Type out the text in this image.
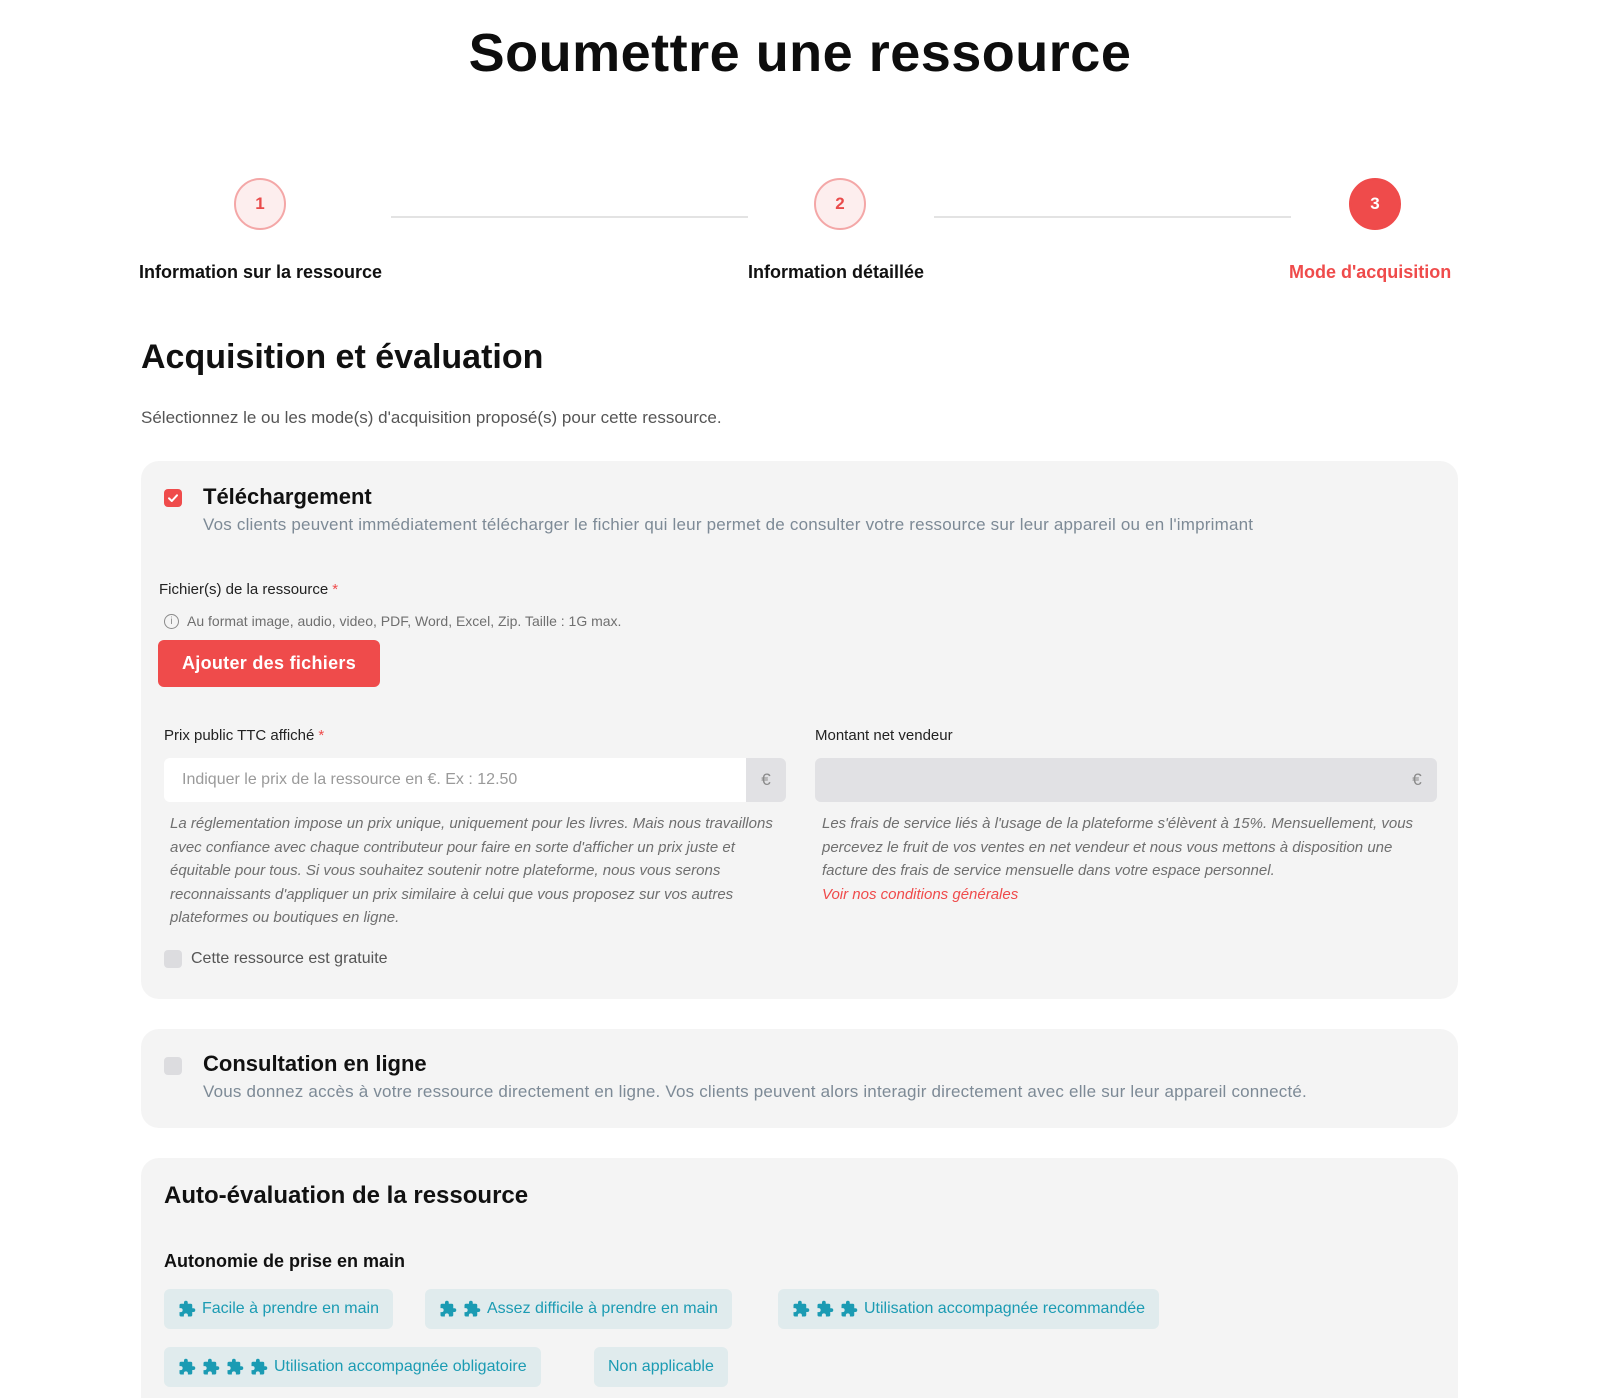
Soumettre une ressource
1
Information sur la ressource
2
Information détaillée
3
Mode d'acquisition
Acquisition et évaluation

Sélectionnez le ou les mode(s) d'acquisition proposé(s) pour cette ressource.

Téléchargement
Vos clients peuvent immédiatement télécharger le fichier qui leur permet de consulter votre ressource sur leur appareil ou en l'imprimant
Fichier(s) de la ressource *
i	Au format image, audio, video, PDF, Word, Excel, Zip. Taille : 1G max.
Ajouter des fichiers
Prix public TTC affiché *
Indiquer le prix de la ressource en €. Ex : 12.50
€

La réglementation impose un prix unique, uniquement pour les livres. Mais nous travaillons avec confiance avec chaque contributeur pour faire en sorte d'afficher un prix juste et équitable pour tous. Si vous souhaitez soutenir notre plateforme, nous vous serons reconnaissants d'appliquer un prix similaire à celui que vous proposez sur vos autres plateformes ou boutiques en ligne.

Cette ressource est gratuite
Montant net vendeur
€

Les frais de service liés à l'usage de la plateforme s'élèvent à 15%. Mensuellement, vous percevez le fruit de vos ventes en net vendeur et nous vous mettons à disposition une facture des frais de service mensuelle dans votre espace personnel.
Voir nos conditions générales

Consultation en ligne
Vous donnez accès à votre ressource directement en ligne. Vos clients peuvent alors interagir directement avec elle sur leur appareil connecté.
Auto-évaluation de la ressource
Autonomie de prise en main
Facile à prendre en main	Assez difficile à prendre en main	Utilisation accompagnée recommandée
Utilisation accompagnée obligatoire	Non applicable
